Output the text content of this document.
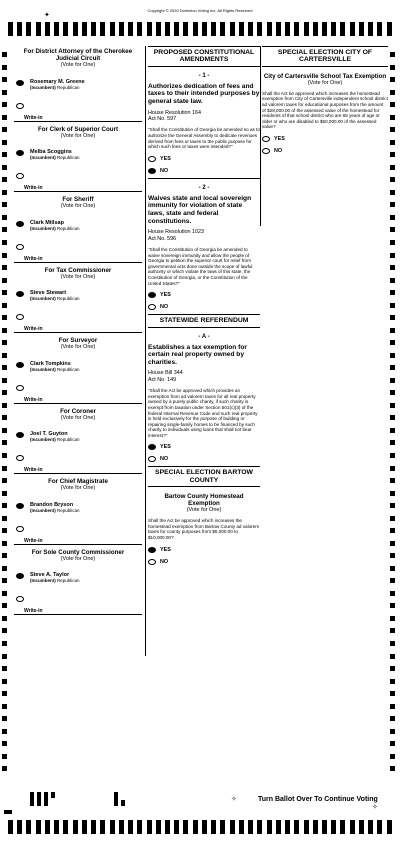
Copyright © 2020 Dominion Voting Inc. All Rights Reserved
✦
✧
✧
For District Attorney of the Cherokee Judicial Circuit
(Vote for One)
Rosemary M. Greene
(Incumbent) Republican
Write-in
For Clerk of Superior Court
(Vote for One)
Melba Scoggins
(Incumbent) Republican
Write-in
For Sheriff
(Vote for One)
Clark Millsap
(Incumbent) Republican
Write-in
For Tax Commissioner
(Vote for One)
Steve Stewart
(Incumbent) Republican
Write-in
For Surveyor
(Vote for One)
Clark Tompkins
(Incumbent) Republican
Write-in
For Coroner
(Vote for One)
Joel T. Guyton
(Incumbent) Republican
Write-in
For Chief Magistrate
(Vote for One)
Brandon Bryson
(Incumbent) Republican
Write-in
For Sole County Commissioner
(Vote for One)
Steve A. Taylor
(Incumbent) Republican
Write-in
PROPOSED CONSTITUTIONAL AMENDMENTS
- 1 -
Authorizes dedication of fees and taxes to their intended purposes by general state law.
House Resolution 164
Act No. 597
"Shall the Constitution of Georgia be amended so as to authorize the General Assembly to dedicate revenues derived from fees or taxes to the public purpose for which such fees or taxes were intended?"
YES
NO
- 2 -
Waives state and local sovereign immunity for violation of state laws, state and federal constitutions.
House Resolution 1023
Act No. 596
"Shall the Constitution of Georgia be amended to waive sovereign immunity and allow the people of Georgia to petition the superior court for relief from governmental acts done outside the scope of lawful authority or which violate the laws of this state, the Constitution of Georgia, or the Constitution of the United States?"
YES
NO
STATEWIDE REFERENDUM
- A -
Establishes a tax exemption for certain real property owned by charities.
House Bill 344
Act No. 149
"Shall the Act be approved which provides an exemption from ad valorem taxes for all real property owned by a purely public charity, if such charity is exempt from taxation under Section 501(c)(3) of the federal Internal Revenue Code and such real property is held exclusively for the purpose of building or repairing single-family homes to be financed by such charity to individuals using loans that shall not bear interest?"
YES
NO
SPECIAL ELECTION BARTOW COUNTY
Bartow County Homestead Exemption
(Vote for One)
Shall the Act be approved which increases the homestead exemption from Bartow County ad valorem taxes for county purposes from $5,000.00 to $10,000.00?
YES
NO
SPECIAL ELECTION CITY OF CARTERSVILLE
City of Cartersville School Tax Exemption
(Vote for One)
Shall the Act be approved which increases the homestead exemption from City of Cartersville independent school district ad valorem taxes for educational purposes from the amount of $28,000.00 of the assessed value of the homestead for residents of that school district who are 65 years of age or older or who are disabled to $50,000.00 of the assessed value?
YES
NO
Turn Ballot Over To Continue Voting
